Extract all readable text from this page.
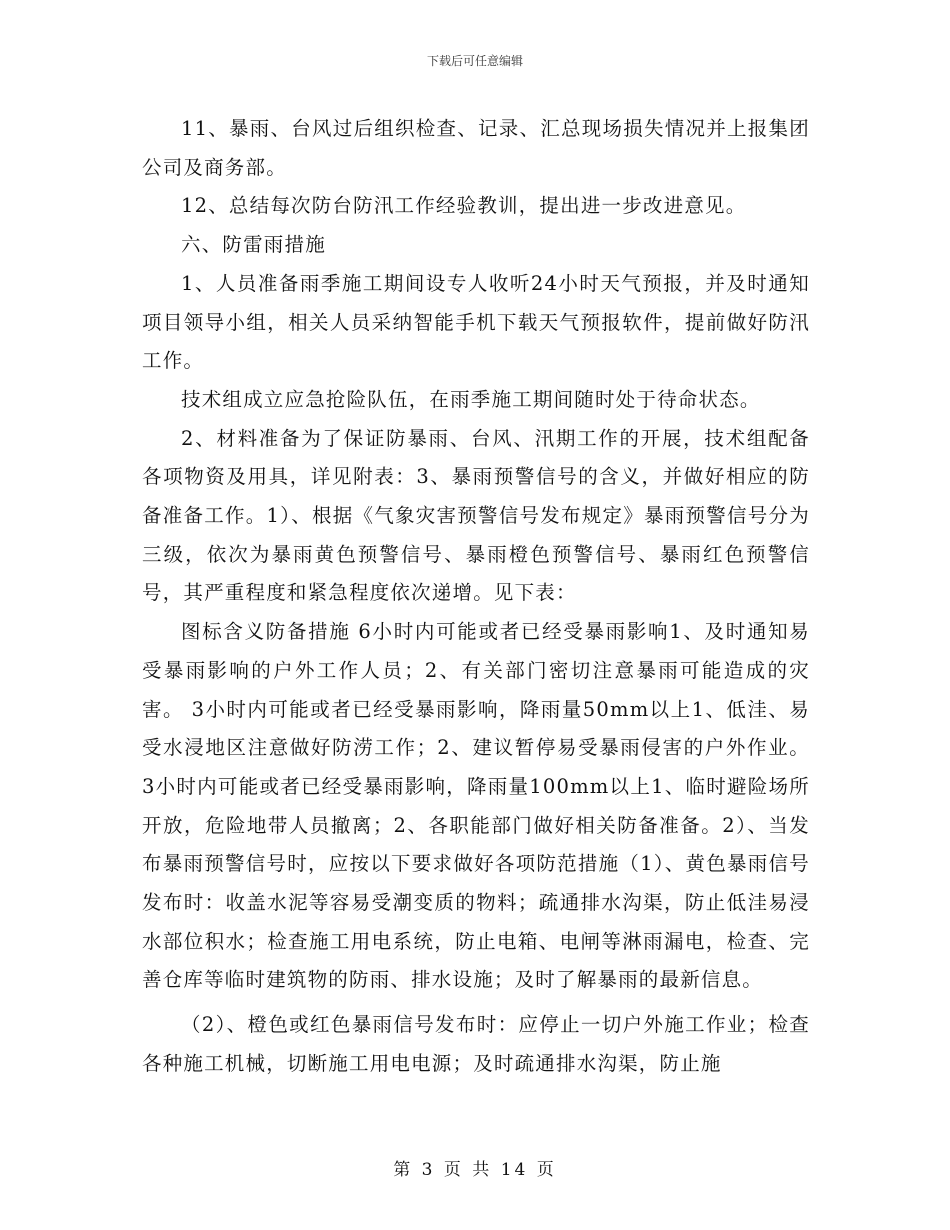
下载后可任意编辑

11、暴雨、台风过后组织检查、记录、汇总现场损失情况并上报集团公司及商务部。

12、总结每次防台防汛工作经验教训，提出进一步改进意见。

六、防雷雨措施

1、人员准备雨季施工期间设专人收听24小时天气预报，并及时通知项目领导小组，相关人员采纳智能手机下载天气预报软件，提前做好防汛工作。

技术组成立应急抢险队伍，在雨季施工期间随时处于待命状态。

2、材料准备为了保证防暴雨、台风、汛期工作的开展，技术组配备各项物资及用具，详见附表：3、暴雨预警信号的含义，并做好相应的防备准备工作。1）、根据《气象灾害预警信号发布规定》暴雨预警信号分为三级，依次为暴雨黄色预警信号、暴雨橙色预警信号、暴雨红色预警信号，其严重程度和紧急程度依次递增。见下表：

图标含义防备措施 6小时内可能或者已经受暴雨影响1、及时通知易受暴雨影响的户外工作人员；2、有关部门密切注意暴雨可能造成的灾害。 3小时内可能或者已经受暴雨影响，降雨量50mm以上1、低洼、易受水浸地区注意做好防涝工作；2、建议暂停易受暴雨侵害的户外作业。 3小时内可能或者已经受暴雨影响，降雨量100mm以上1、临时避险场所开放，危险地带人员撤离；2、各职能部门做好相关防备准备。2）、当发布暴雨预警信号时，应按以下要求做好各项防范措施（1）、黄色暴雨信号发布时：收盖水泥等容易受潮变质的物料；疏通排水沟渠，防止低洼易浸水部位积水；检查施工用电系统，防止电箱、电闸等淋雨漏电，检查、完善仓库等临时建筑物的防雨、排水设施；及时了解暴雨的最新信息。

（2）、橙色或红色暴雨信号发布时：应停止一切户外施工作业；检查各种施工机械，切断施工用电电源；及时疏通排水沟渠，防止施

第 3 页 共 14 页
